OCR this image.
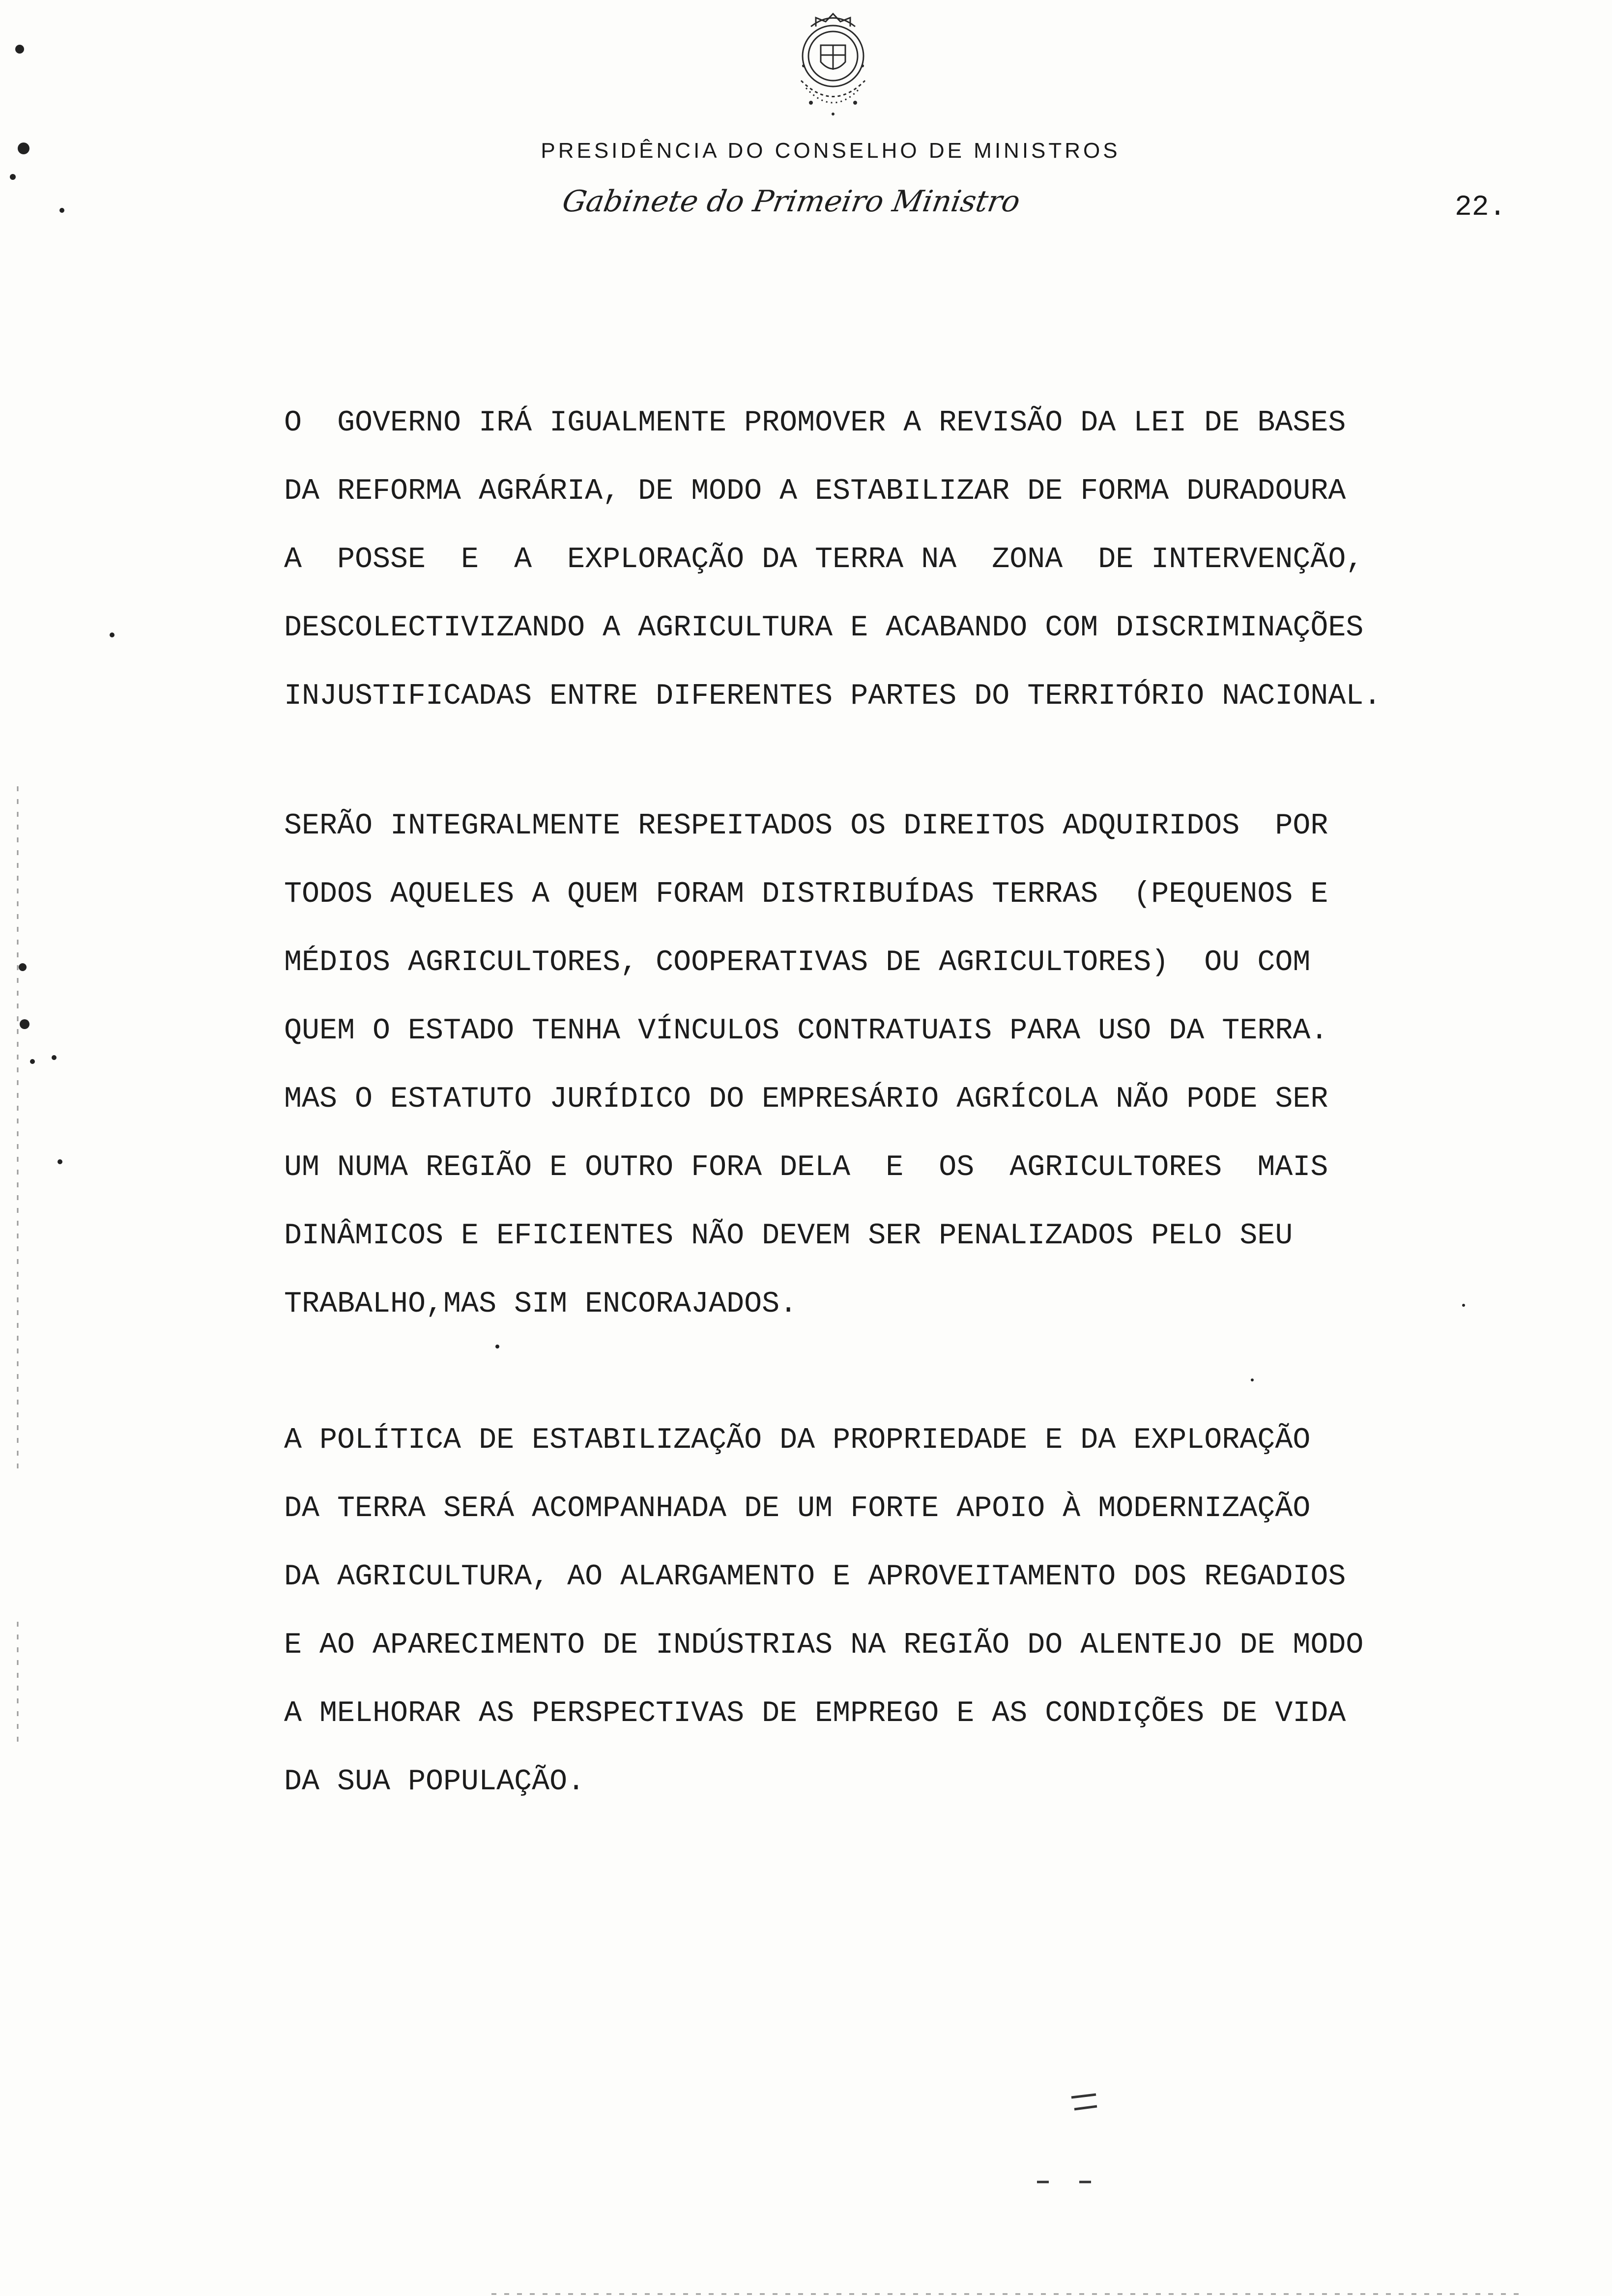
PRESIDÊNCIA DO CONSELHO DE MINISTROS
Gabinete do Primeiro Ministro	22.
O  GOVERNO IRÁ IGUALMENTE PROMOVER A REVISÃO DA LEI DE BASES
DA REFORMA AGRÁRIA, DE MODO A ESTABILIZAR DE FORMA DURADOURA
A  POSSE  E  A  EXPLORAÇÃO DA TERRA NA  ZONA  DE INTERVENÇÃO,
DESCOLECTIVIZANDO A AGRICULTURA E ACABANDO COM DISCRIMINAÇÕES
INJUSTIFICADAS ENTRE DIFERENTES PARTES DO TERRITÓRIO NACIONAL.
SERÃO INTEGRALMENTE RESPEITADOS OS DIREITOS ADQUIRIDOS  POR
TODOS AQUELES A QUEM FORAM DISTRIBUÍDAS TERRAS  (PEQUENOS E
MÉDIOS AGRICULTORES, COOPERATIVAS DE AGRICULTORES)  OU COM
QUEM O ESTADO TENHA VÍNCULOS CONTRATUAIS PARA USO DA TERRA.
MAS O ESTATUTO JURÍDICO DO EMPRESÁRIO AGRÍCOLA NÃO PODE SER
UM NUMA REGIÃO E OUTRO FORA DELA  E  OS  AGRICULTORES  MAIS
DINÂMICOS E EFICIENTES NÃO DEVEM SER PENALIZADOS PELO SEU
TRABALHO,MAS SIM ENCORAJADOS.
A POLÍTICA DE ESTABILIZAÇÃO DA PROPRIEDADE E DA EXPLORAÇÃO
DA TERRA SERÁ ACOMPANHADA DE UM FORTE APOIO À MODERNIZAÇÃO
DA AGRICULTURA, AO ALARGAMENTO E APROVEITAMENTO DOS REGADIOS
E AO APARECIMENTO DE INDÚSTRIAS NA REGIÃO DO ALENTEJO DE MODO
A MELHORAR AS PERSPECTIVAS DE EMPREGO E AS CONDIÇÕES DE VIDA
DA SUA POPULAÇÃO.
